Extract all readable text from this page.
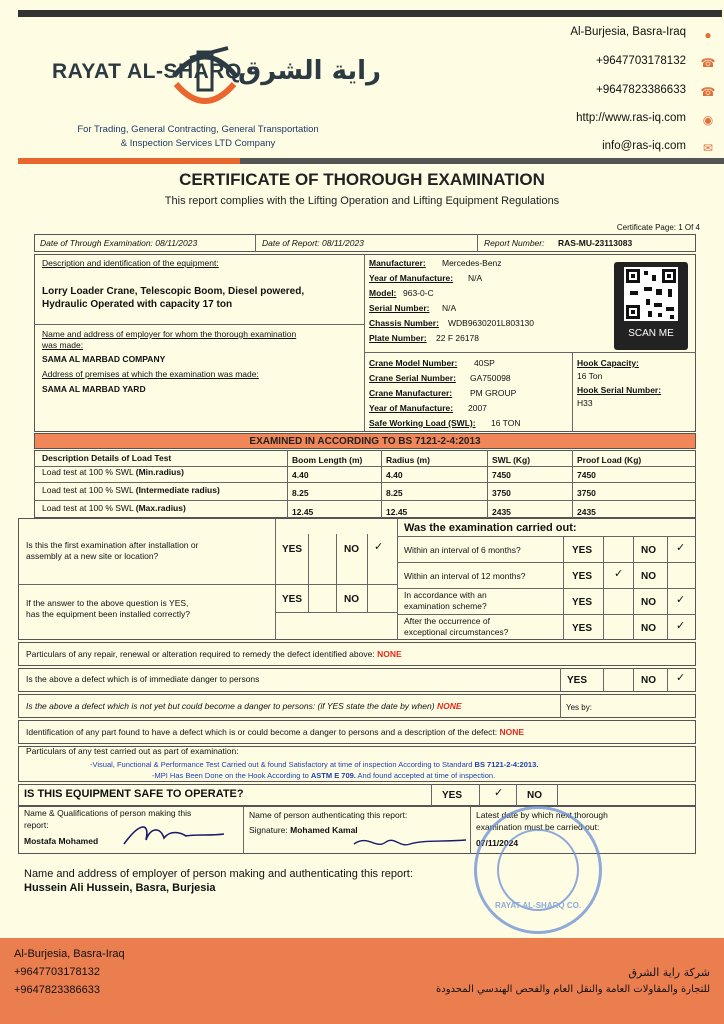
RAYAT AL-SHARQ
راية الشرق
For Trading, General Contracting, General Transportation
& Inspection Services LTD Company
Al-Burjesia, Basra-Iraq	●
+9647703178132 ☎
+9647823386633 ☎
http://www.ras-iq.com ◉
info@ras-iq.com ✉
CERTIFICATE OF THOROUGH EXAMINATION
This report complies with the Lifting Operation and Lifting Equipment Regulations
Certificate Page: 1 Of 4
Date of Through Examination: 08/11/2023	Date of Report: 08/11/2023	Report Number: RAS-MU-23113083
Description and identification of the equipment:
Lorry Loader Crane, Telescopic Boom, Diesel powered,
Hydraulic Operated with capacity 17 ton
Name and address of employer for whom the thorough examination
was made:
SAMA AL MARBAD COMPANY
Address of premises at which the examination was made:
SAMA AL MARBAD YARD
Manufacturer: Mercedes-Benz
Year of Manufacture: N/A
Model: 963-0-C
Serial Number: N/A
Chassis Number: WDB9630201L803130
Plate Number: 22 F 26178	SCAN ME
Crane Model Number: 40SP
Crane Serial Number: GA750098
Crane Manufacturer: PM GROUP
Year of Manufacture: 2007
Safe Working Load (SWL): 16 TON
Hook Capacity:
16 Ton
Hook Serial Number:
H33
EXAMINED IN ACCORDING TO BS 7121-2-4:2013
Description Details of Load Test	Boom Length (m)	Radius (m)	SWL (Kg)	Proof Load (Kg)
Load test at 100 % SWL (Min.radius)	4.40	4.40	7450	7450
Load test at 100 % SWL (Intermediate radius)	8.25	8.25	3750	3750
Load test at 100 % SWL (Max.radius)	12.45	12.45	2435	2435
Is this the first examination after installation or
assembly at a new site or location?
YES	NO ✓
If the answer to the above question is YES,
has the equipment been installed correctly?
YES	NO
Was the examination carried out:
Within an interval of 6 months?	YES	NO ✓
Within an interval of 12 months?	YES ✓ NO
In accordance with an
examination scheme?	YES	NO ✓
After the occurrence of
exceptional circumstances?	YES	NO ✓
Particulars of any repair, renewal or alteration required to remedy the defect identified above: NONE
Is the above a defect which is of immediate danger to persons	YES	NO ✓
Is the above a defect which is not yet but could become a danger to persons: (if YES state the date by when) NONE	Yes by:
Identification of any part found to have a defect which is or could become a danger to persons and a description of the defect: NONE
Particulars of any test carried out as part of examination:
-Visual, Functional & Performance Test Carried out & found Satisfactory at time of inspection According to Standard BS 7121-2-4:2013.
-MPI Has Been Done on the Hook According to ASTM E 709. And found accepted at time of inspection.
IS THIS EQUIPMENT SAFE TO OPERATE?	YES	✓ NO
Name & Qualifications of person making this
report:
Mostafa Mohamed
Name of person authenticating this report:
Signature: Mohamed Kamal
Latest date by which next thorough
examination must be carried out:
07/11/2024
Name and address of employer of person making and authenticating this report:
Hussein Ali Hussein, Basra, Burjesia
RAYAT AL-SHARQ CO.
Al-Burjesia, Basra-Iraq
+9647703178132
+9647823386633
شركة راية الشرق
للتجارة والمقاولات العامة والنقل العام والفحص الهندسي المحدودة
